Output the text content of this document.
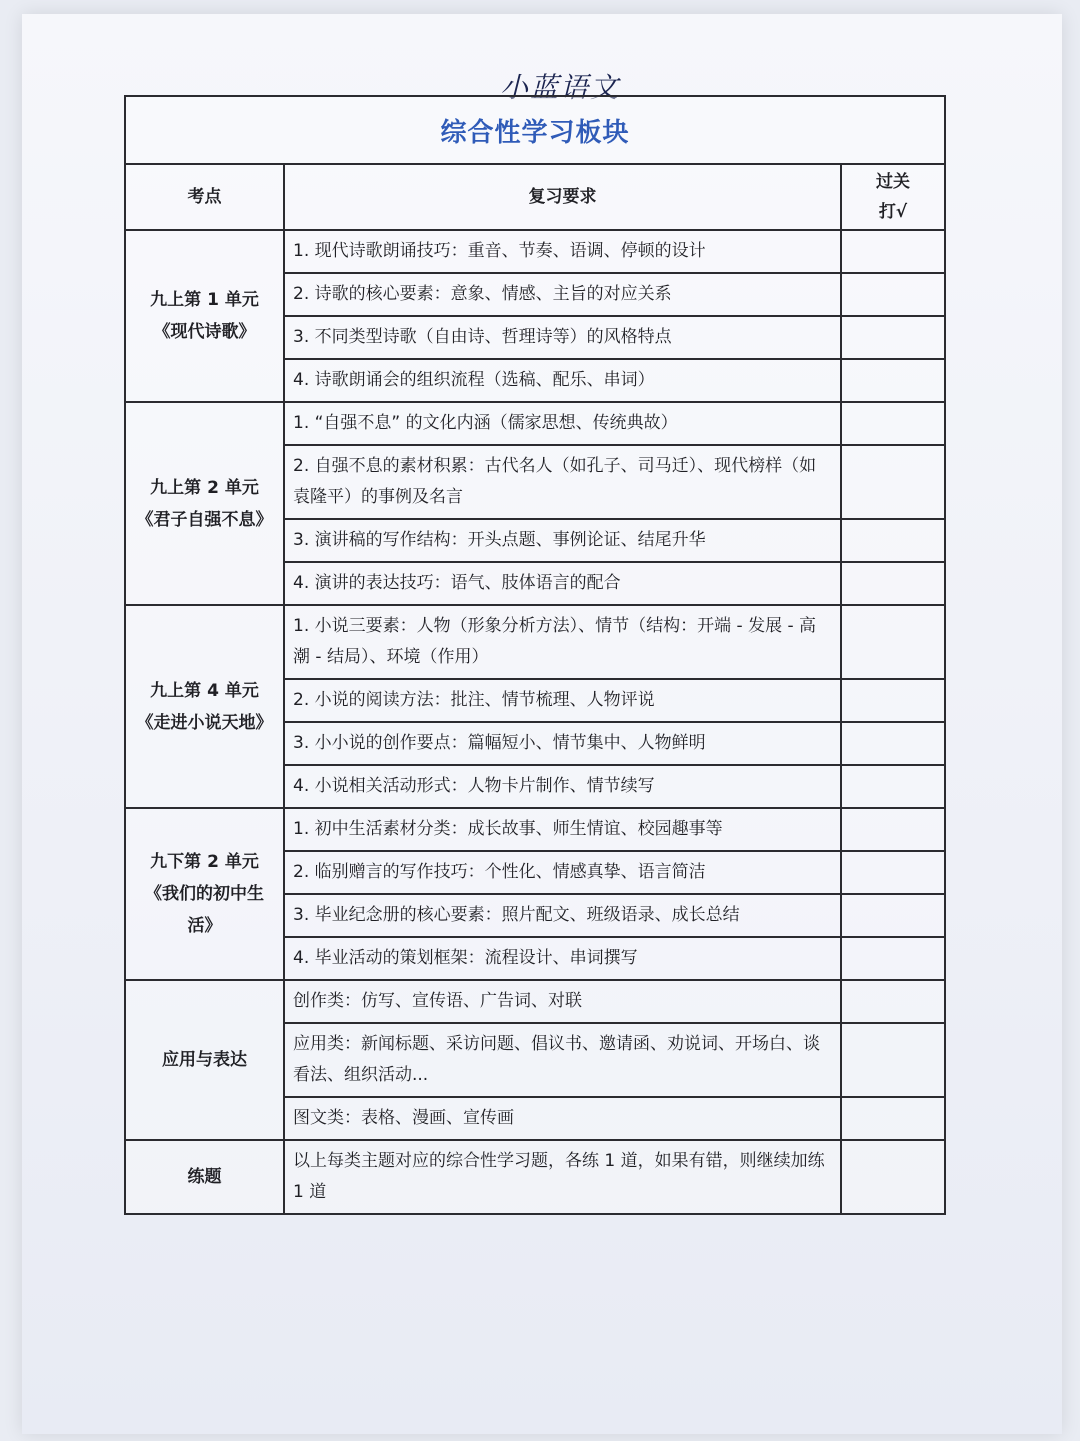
小蓝语文
综合性学习板块		
考点	复习要求	过关
打√

九上第 1 单元
《现代诗歌》	1. 现代诗歌朗诵技巧：重音、节奏、语调、停顿的设计	
	2. 诗歌的核心要素：意象、情感、主旨的对应关系	
	3. 不同类型诗歌（自由诗、哲理诗等）的风格特点	
	4. 诗歌朗诵会的组织流程（选稿、配乐、串词）	

九上第 2 单元
《君子自强不息》	1. “自强不息” 的文化内涵（儒家思想、传统典故）	
	2. 自强不息的素材积累：古代名人（如孔子、司马迁）、现代榜样（如袁隆平）的事例及名言	
	3. 演讲稿的写作结构：开头点题、事例论证、结尾升华	
	4. 演讲的表达技巧：语气、肢体语言的配合	

九上第 4 单元
《走进小说天地》	1. 小说三要素：人物（形象分析方法）、情节（结构：开端 - 发展 - 高潮 - 结局）、环境（作用）	
	2. 小说的阅读方法：批注、情节梳理、人物评说	
	3. 小小说的创作要点：篇幅短小、情节集中、人物鲜明	
	4. 小说相关活动形式：人物卡片制作、情节续写	

九下第 2 单元
《我们的初中生活》	1. 初中生活素材分类：成长故事、师生情谊、校园趣事等	
	2. 临别赠言的写作技巧：个性化、情感真挚、语言简洁	
	3. 毕业纪念册的核心要素：照片配文、班级语录、成长总结	
	4. 毕业活动的策划框架：流程设计、串词撰写	

应用与表达	创作类：仿写、宣传语、广告词、对联	
	应用类：新闻标题、采访问题、倡议书、邀请函、劝说词、开场白、谈看法、组织活动...	
	图文类：表格、漫画、宣传画	

练题	以上每类主题对应的综合性学习题，各练 1 道，如果有错，则继续加练 1 道	
